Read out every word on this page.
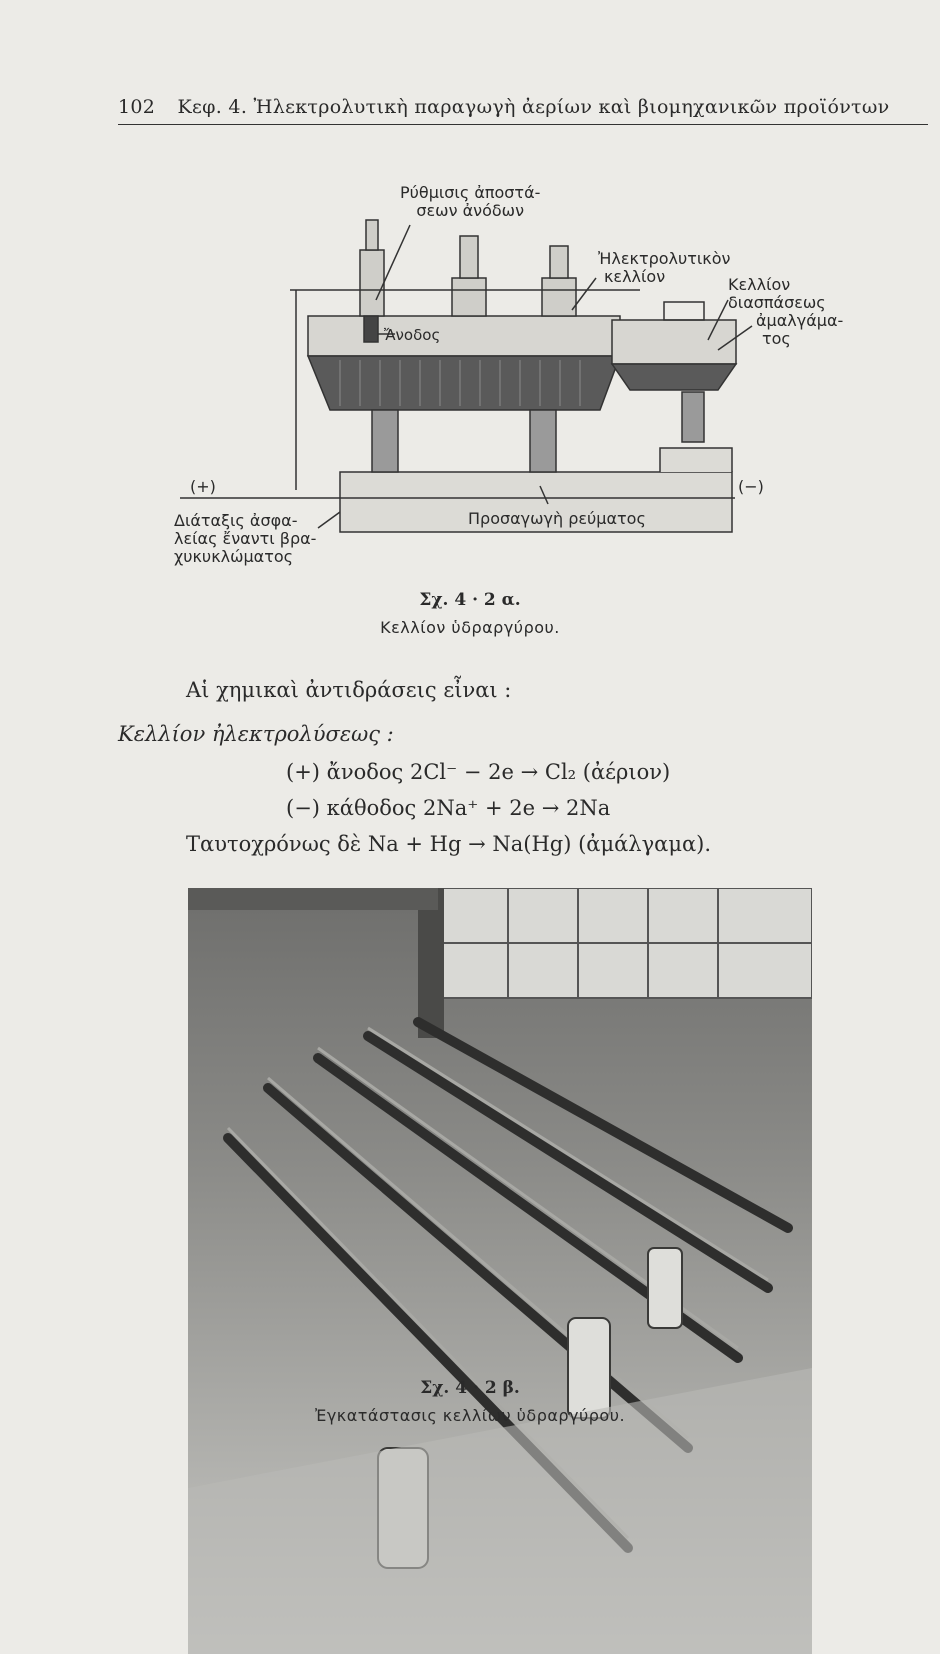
102 Κεφ. 4. Ἠλεκτρολυτικὴ παραγωγὴ ἀερίων καὶ βιομηχανικῶν προϊόντων
Ρύθμισις ἀποστά-
σεων ἀνόδων
Ἠλεκτρολυτικὸν
κελλίον	Κελλίον
διασπάσεως
ἀμαλγάμα-
τος
Ἄνοδος
(+)	(−)
Προσαγωγὴ ρεύματος
Διάταξις ἀσφα-
λείας ἔναντι βρα-
χυκυκλώματος
Σχ. 4 · 2 α.
Κελλίον ὑδραργύρου.
Αἱ χημικαὶ ἀντιδράσεις εἶναι :
Κελλίον ἠλεκτρολύσεως :
(+) ἄνοδος 2Cl⁻ − 2e → Cl₂ (ἀέριον)
(−) κάθοδος 2Na⁺ + 2e → 2Na
Ταυτοχρόνως δὲ Na + Hg → Na(Hg) (ἀμάλγαμα).
Σχ. 4 · 2 β.
Ἐγκατάστασις κελλίων ὑδραργύρου.
